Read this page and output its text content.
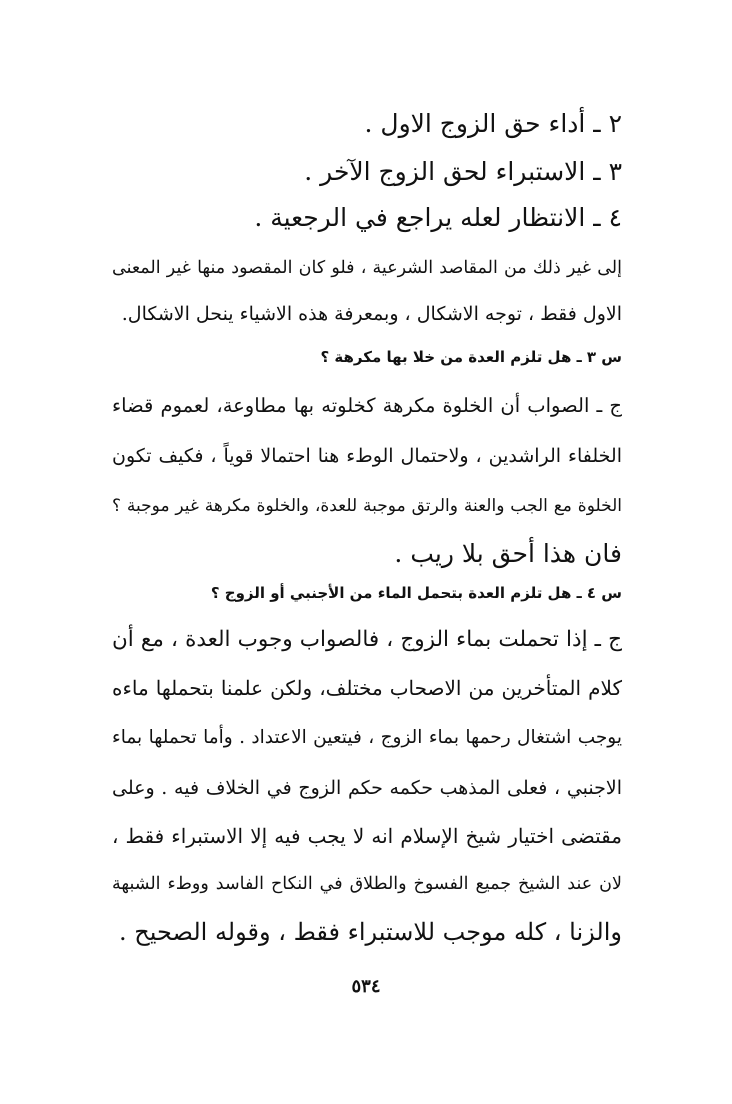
٢ ـ أداء حق الزوج الاول .
٣ ـ الاستبراء لحق الزوج الآخر .
٤ ـ الانتظار لعله يراجع في الرجعية .
إلى غير ذلك من المقاصد الشرعية ، فلو كان المقصود منها غير المعنى
الاول فقط ، توجه الاشكال ، وبمعرفة هذه الاشياء ينحل الاشكال.
س ٣ ـ هل تلزم العدة من خلا بها مكرهة ؟
ج ـ الصواب أن الخلوة مكرهة كخلوته بها مطاوعة، لعموم قضاء
الخلفاء الراشدين ، ولاحتمال الوطء هنا احتمالا قوياً ، فكيف تكون
الخلوة مع الجب والعنة والرتق موجبة للعدة، والخلوة مكرهة غير موجبة ؟
فان هذا أحق بلا ريب .
س ٤ ـ هل تلزم العدة بتحمل الماء من الأجنبي أو الزوج ؟
ج ـ إذا تحملت بماء الزوج ، فالصواب وجوب العدة ، مع أن
كلام المتأخرين من الاصحاب مختلف، ولكن علمنا بتحملها ماءه
يوجب اشتغال رحمها بماء الزوج ، فيتعين الاعتداد . وأما تحملها بماء
الاجنبي ، فعلى المذهب حكمه حكم الزوج في الخلاف فيه . وعلى
مقتضى اختيار شيخ الإسلام انه لا يجب فيه إلا الاستبراء فقط ،
لان عند الشيخ جميع الفسوخ والطلاق في النكاح الفاسد ووطء الشبهة
والزنا ، كله موجب للاستبراء فقط ، وقوله الصحيح .
٥٣٤
